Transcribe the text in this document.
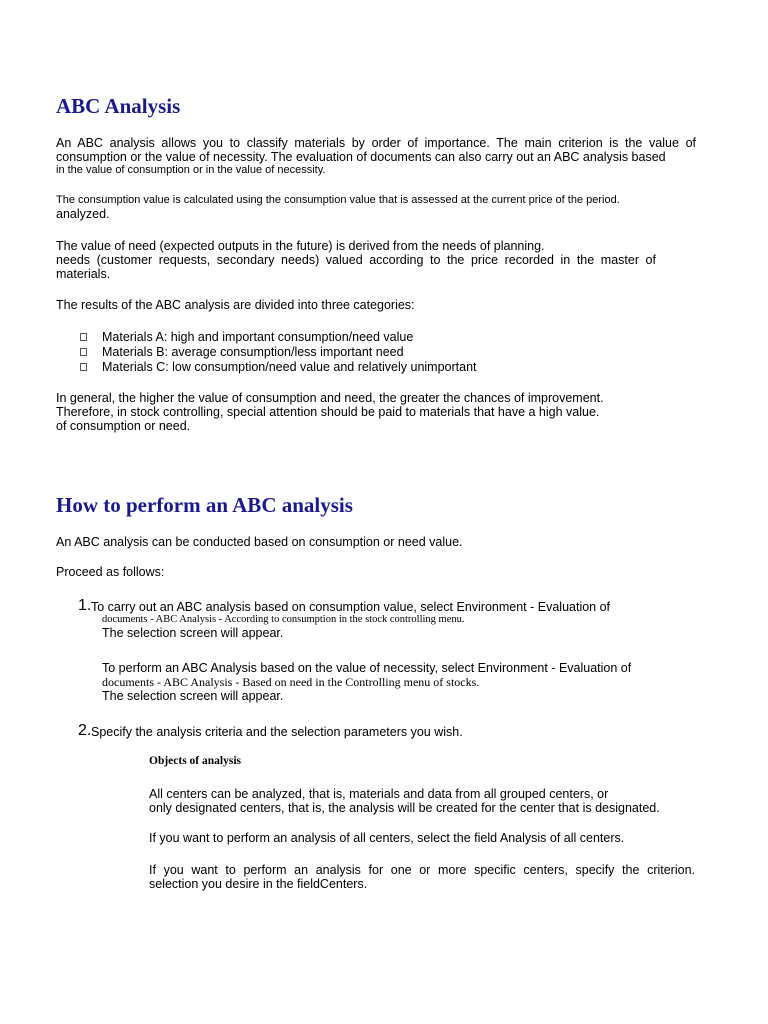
ABC Analysis

An ABC analysis allows you to classify materials by order of importance. The main criterion is the value of
consumption or the value of necessity. The evaluation of documents can also carry out an ABC analysis based
in the value of consumption or in the value of necessity.

The consumption value is calculated using the consumption value that is assessed at the current price of the period.
analyzed.

The value of need (expected outputs in the future) is derived from the needs of planning.
needs (customer requests, secondary needs) valued according to the price recorded in the master of
materials.

The results of the ABC analysis are divided into three categories:

Materials A: high and important consumption/need value
Materials B: average consumption/less important need
Materials C: low consumption/need value and relatively unimportant

In general, the higher the value of consumption and need, the greater the chances of improvement.
Therefore, in stock controlling, special attention should be paid to materials that have a high value.
of consumption or need.

How to perform an ABC analysis

An ABC analysis can be conducted based on consumption or need value.

Proceed as follows:

1. To carry out an ABC analysis based on consumption value, select Environment - Evaluation of
documents - ABC Analysis - According to consumption in the stock controlling menu.
The selection screen will appear.

To perform an ABC Analysis based on the value of necessity, select Environment - Evaluation of
documents - ABC Analysis - Based on need in the Controlling menu of stocks.
The selection screen will appear.

2. Specify the analysis criteria and the selection parameters you wish.

Objects of analysis

All centers can be analyzed, that is, materials and data from all grouped centers, or
only designated centers, that is, the analysis will be created for the center that is designated.

If you want to perform an analysis of all centers, select the field Analysis of all centers.

If you want to perform an analysis for one or more specific centers, specify the criterion.
selection you desire in the fieldCenters.
